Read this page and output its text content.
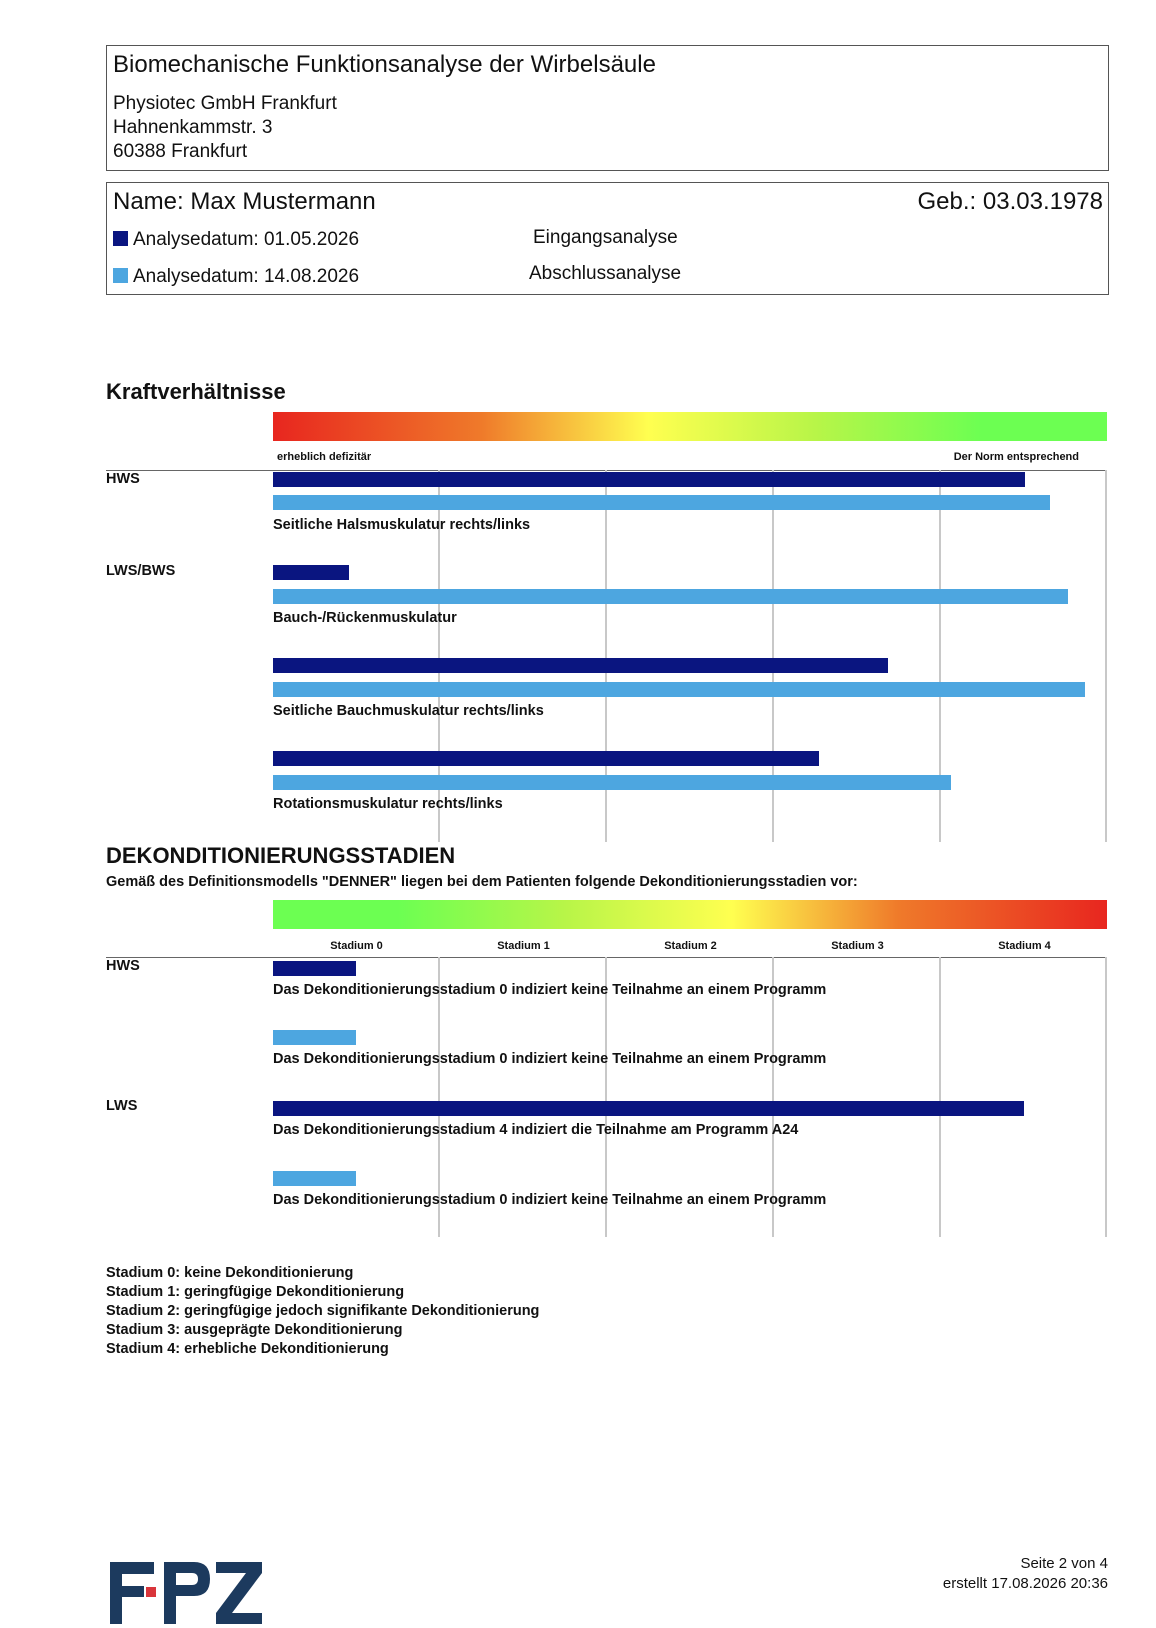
Biomechanische Funktionsanalyse der Wirbelsäule
Physiotec GmbH Frankfurt
Hahnenkammstr. 3
60388 Frankfurt
Name: Max Mustermann	Geb.: 03.03.1978
Analysedatum: 01.05.2026	Eingangsanalyse
Analysedatum: 14.08.2026	Abschlussanalyse
Kraftverhältnisse
erheblich defizitär	Der Norm entsprechend
HWS
Seitliche Halsmuskulatur rechts/links
LWS/BWS
Bauch-/Rückenmuskulatur
Seitliche Bauchmuskulatur rechts/links
Rotationsmuskulatur rechts/links
DEKONDITIONIERUNGSSTADIEN
Gemäß des Definitionsmodells "DENNER" liegen bei dem Patienten folgende Dekonditionierungsstadien vor:
Stadium 0	Stadium 1	Stadium 2	Stadium 3	Stadium 4
HWS
Das Dekonditionierungsstadium 0 indiziert keine Teilnahme an einem Programm
Das Dekonditionierungsstadium 0 indiziert keine Teilnahme an einem Programm
LWS
Das Dekonditionierungsstadium 4 indiziert die Teilnahme am Programm A24
Das Dekonditionierungsstadium 0 indiziert keine Teilnahme an einem Programm
Stadium 0: keine Dekonditionierung
Stadium 1: geringfügige Dekonditionierung
Stadium 2: geringfügige jedoch signifikante Dekonditionierung
Stadium 3: ausgeprägte Dekonditionierung
Stadium 4: erhebliche Dekonditionierung
Seite 2 von 4
erstellt 17.08.2026 20:36
